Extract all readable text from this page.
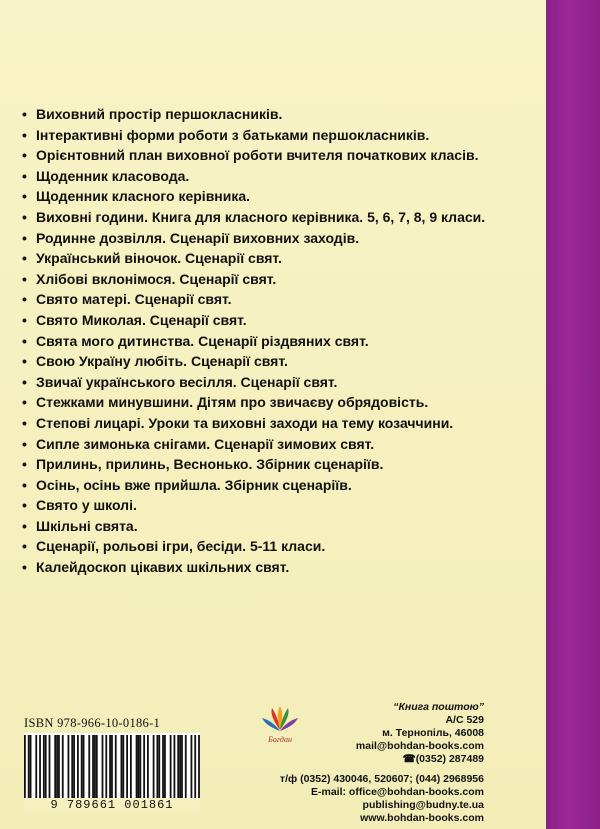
• Виховний простір першокласників.
• Інтерактивні форми роботи з батьками першокласників.
• Орієнтовний план виховної роботи вчителя початкових класів.
• Щоденник класовода.
• Щоденник класного керівника.
• Виховні години. Книга для класного керівника. 5, 6, 7, 8, 9 класи.
• Родинне дозвілля. Сценарії виховних заходів.
• Український віночок. Сценарії свят.
• Хлібові вклонімося. Сценарії свят.
• Свято матері. Сценарії свят.
• Свято Миколая. Сценарії свят.
• Свята мого дитинства. Сценарії різдвяних свят.
• Свою Україну любіть. Сценарії свят.
• Звичаї українського весілля. Сценарії свят.
• Стежками минувшини. Дітям про звичаєву обрядовість.
• Степові лицарі. Уроки та виховні заходи на тему козаччини.
• Сипле зимонька снігами. Сценарії зимових свят.
• Прилинь, прилинь, Веснонько. Збірник сценаріїв.
• Осінь, осінь вже прийшла. Збірник сценаріїв.
• Свято у школі.
• Шкільні свята.
• Сценарії, рольові ігри, бесіди. 5-11 класи.
• Калейдоскоп цікавих шкільних свят.
ISBN 978-966-10-0186-1
9 789661 001861
Богдан
“Книга поштою”
А/С 529
м. Тернопіль, 46008
mail@bohdan-books.com
☎(0352) 287489
т/ф (0352) 430046, 520607; (044) 2968956
E-mail: office@bohdan-books.com
publishing@budny.te.ua
www.bohdan-books.com
